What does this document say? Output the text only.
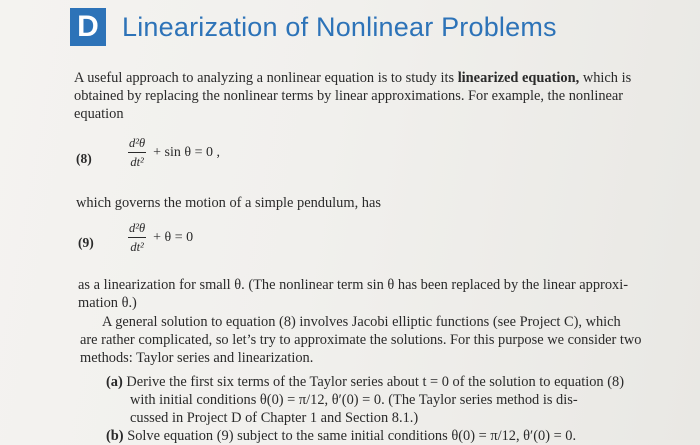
D Linearization of Nonlinear Problems

A useful approach to analyzing a nonlinear equation is to study its linearized equation, which is
obtained by replacing the nonlinear terms by linear approximations. For example, the nonlinear
equation

(8)	$\frac{\text{d²θ}}{\text{dt²}} + \sin \theta = 0$ ,

which governs the motion of a simple pendulum, has

(9)	$\frac{\text{d²θ}}{\text{dt²}} + \theta = 0$

as a linearization for small θ. (The nonlinear term sin θ has been replaced by the linear approxi-
mation θ.)

A general solution to equation (8) involves Jacobi elliptic functions (see Project C), which
are rather complicated, so let’s try to approximate the solutions. For this purpose we consider two
methods: Taylor series and linearization.

(a) Derive the first six terms of the Taylor series about t = 0 of the solution to equation (8)
with initial conditions θ(0) = π/12, θ′(0) = 0. (The Taylor series method is dis-
cussed in Project D of Chapter 1 and Section 8.1.)

(b) Solve equation (9) subject to the same initial conditions θ(0) = π/12, θ′(0) = 0.
